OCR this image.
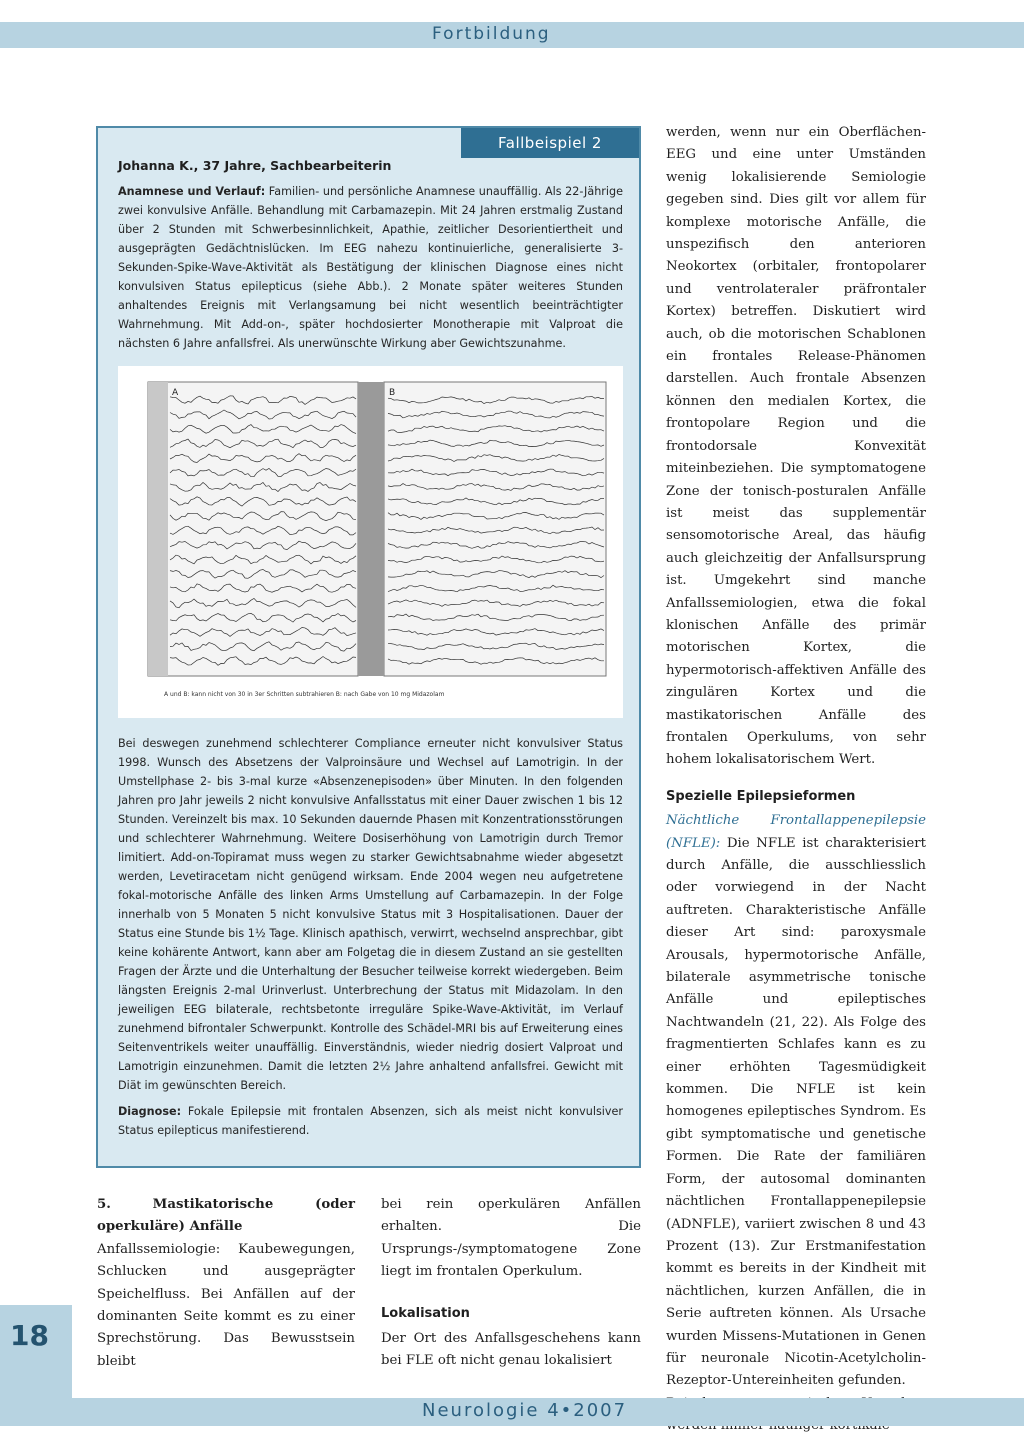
Fortbildung
Fallbeispiel 2
Johanna K., 37 Jahre, Sachbearbeiterin
Anamnese und Verlauf: Familien- und persönliche Anamnese unauffällig. Als 22-Jährige zwei konvulsive Anfälle. Behandlung mit Carbamazepin. Mit 24 Jahren erstmalig Zustand über 2 Stunden mit Schwerbesinnlichkeit, Apathie, zeitlicher Desorientiertheit und ausgeprägten Gedächtnislücken. Im EEG nahezu kontinuierliche, generalisierte 3-Sekunden-Spike-Wave-Aktivität als Bestätigung der klinischen Diagnose eines nicht konvulsiven Status epilepticus (siehe Abb.). 2 Monate später weiteres Stunden anhaltendes Ereignis mit Verlangsamung bei nicht wesentlich beeinträchtigter Wahrnehmung. Mit Add-on-, später hochdosierter Monotherapie mit Valproat die nächsten 6 Jahre anfallsfrei. Als unerwünschte Wirkung aber Gewichtszunahme.
A	B
A und B: kann nicht von 30 in 3er Schritten subtrahieren B: nach Gabe von 10 mg Midazolam
Bei deswegen zunehmend schlechterer Compliance erneuter nicht konvulsiver Status 1998. Wunsch des Absetzens der Valproinsäure und Wechsel auf Lamotrigin. In der Umstellphase 2- bis 3-mal kurze «Absenzenepisoden» über Minuten. In den folgenden Jahren pro Jahr jeweils 2 nicht konvulsive Anfallsstatus mit einer Dauer zwischen 1 bis 12 Stunden. Vereinzelt bis max. 10 Sekunden dauernde Phasen mit Konzentrationsstörungen und schlechterer Wahrnehmung. Weitere Dosiserhöhung von Lamotrigin durch Tremor limitiert. Add-on-Topiramat muss wegen zu starker Gewichtsabnahme wieder abgesetzt werden, Levetiracetam nicht genügend wirksam. Ende 2004 wegen neu aufgetretene fokal-motorische Anfälle des linken Arms Umstellung auf Carbamazepin. In der Folge innerhalb von 5 Monaten 5 nicht konvulsive Status mit 3 Hospitalisationen. Dauer der Status eine Stunde bis 1½ Tage. Klinisch apathisch, verwirrt, wechselnd ansprechbar, gibt keine kohärente Antwort, kann aber am Folgetag die in diesem Zustand an sie gestellten Fragen der Ärzte und die Unterhaltung der Besucher teilweise korrekt wiedergeben. Beim längsten Ereignis 2-mal Urinverlust. Unterbrechung der Status mit Midazolam. In den jeweiligen EEG bilaterale, rechtsbetonte irreguläre Spike-Wave-Aktivität, im Verlauf zunehmend bifrontaler Schwerpunkt. Kontrolle des Schädel-MRI bis auf Erweiterung eines Seitenventrikels weiter unauffällig. Einverständnis, wieder niedrig dosiert Valproat und Lamotrigin einzunehmen. Damit die letzten 2½ Jahre anhaltend anfallsfrei. Gewicht mit Diät im gewünschten Bereich.
Diagnose: Fokale Epilepsie mit frontalen Absenzen, sich als meist nicht konvulsiver Status epilepticus manifestierend.

5. Mastikatorische (oder operkuläre) Anfälle

Anfallssemiologie: Kaubewegungen, Schlucken und ausgeprägter Speichelfluss. Bei Anfällen auf der dominanten Seite kommt es zu einer Sprechstörung. Das Bewusstsein bleibt

bei rein operkulären Anfällen erhalten. Die Ursprungs-/symptomatogene Zone liegt im frontalen Operkulum.

Lokalisation

Der Ort des Anfallsgeschehens kann bei FLE oft nicht genau lokalisiert

werden, wenn nur ein Oberflächen-EEG und eine unter Umständen wenig lokalisierende Semiologie gegeben sind. Dies gilt vor allem für komplexe motorische Anfälle, die unspezifisch den anterioren Neokortex (orbitaler, frontopolarer und ventrolateraler präfrontaler Kortex) betreffen. Diskutiert wird auch, ob die motorischen Schablonen ein frontales Release-Phänomen darstellen. Auch frontale Absenzen können den medialen Kortex, die frontopolare Region und die frontodorsale Konvexität miteinbeziehen. Die symptomatogene Zone der tonisch-posturalen Anfälle ist meist das supplementär sensomotorische Areal, das häufig auch gleichzeitig der Anfallsursprung ist. Umgekehrt sind manche Anfallssemiologien, etwa die fokal klonischen Anfälle des primär motorischen Kortex, die hypermotorisch-affektiven Anfälle des zingulären Kortex und die mastikatorischen Anfälle des frontalen Operkulums, von sehr hohem lokalisatorischem Wert.

Spezielle Epilepsieformen

Nächtliche Frontallappenepilepsie (NFLE): Die NFLE ist charakterisiert durch Anfälle, die ausschliesslich oder vorwiegend in der Nacht auftreten. Charakteristische Anfälle dieser Art sind: paroxysmale Arousals, hypermotorische Anfälle, bilaterale asymmetrische tonische Anfälle und epileptisches Nachtwandeln (21, 22). Als Folge des fragmentierten Schlafes kann es zu einer erhöhten Tagesmüdigkeit kommen. Die NFLE ist kein homogenes epileptisches Syndrom. Es gibt symptomatische und genetische Formen. Die Rate der familiären Form, der autosomal dominanten nächtlichen Frontallappenepilepsie (ADNFLE), variiert zwischen 8 und 43 Prozent (13). Zur Erstmanifestation kommt es bereits in der Kindheit mit nächtlichen, kurzen Anfällen, die in Serie auftreten können. Als Ursache wurden Missens-Mutationen in Genen für neuronale Nicotin-Acetylcholin-Rezeptor-Untereinheiten gefunden.

18
Neurologie 4•2007
